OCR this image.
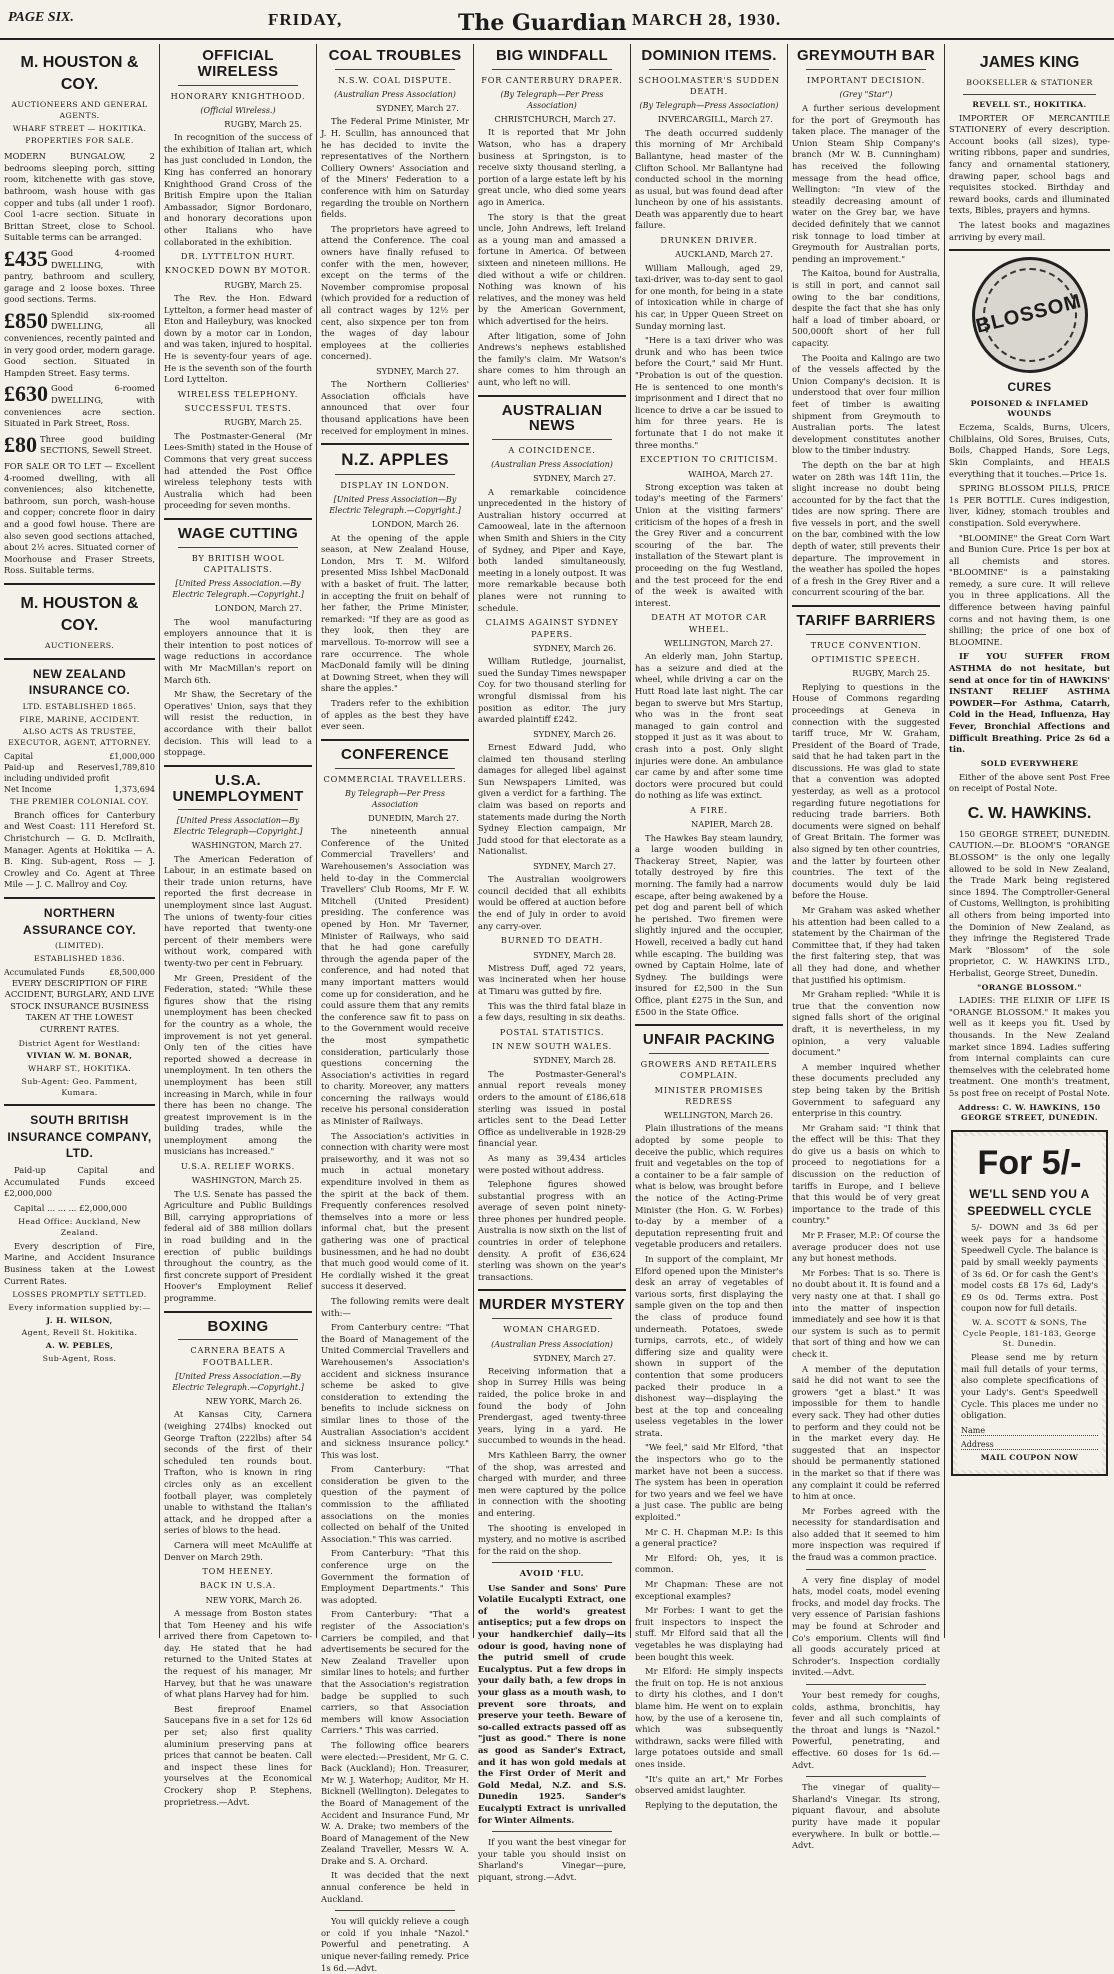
PAGE SIX.	FRIDAY,	The Guardian MARCH 28, 1930.
M. HOUSTON & COY.
AUCTIONEERS AND GENERAL AGENTS.
WHARF STREET — HOKITIKA.
PROPERTIES FOR SALE.

MODERN BUNGALOW, 2 bedrooms sleeping porch, sitting room, kitchenette with gas stove, bathroom, wash house with gas copper and tubs (all under 1 roof). Cool 1-acre section. Situate in Brittan Street, close to School. Suitable terms can be arranged.

£435 Good 4-roomed DWELLING, with pantry, bathroom and scullery, garage and 2 loose boxes. Three good sections. Terms.

£850 Splendid six-roomed DWELLING, all conveniences, recently painted and in very good order, modern garage. Good section. Situated in Hampden Street. Easy terms.

£630 Good 6-roomed DWELLING, with conveniences acre section. Situated in Park Street, Ross.

£80 Three good building SECTIONS, Sewell Street.

FOR SALE OR TO LET — Excellent 4-roomed dwelling, with all conveniences; also kitchenette, bathroom, sun porch, wash-house and copper; concrete floor in dairy and a good fowl house. There are also seven good sections attached, about 2½ acres. Situated corner of Moorhouse and Fraser Streets, Ross. Suitable terms.

M. HOUSTON & COY.
AUCTIONEERS.
NEW ZEALAND INSURANCE CO.
LTD. ESTABLISHED 1865.
FIRE, MARINE, ACCIDENT.
ALSO ACTS AS TRUSTEE, EXECUTOR, AGENT, ATTORNEY.
Capital	£1,000,000
Paid-up and Reserves including undivided profit
1,789,810
Net Income	1,373,694
THE PREMIER COLONIAL COY.

Branch offices for Canterbury and West Coast: 111 Hereford St. Christchurch — G. D. McIlraith, Manager. Agents at Hokitika — A. B. King. Sub-agent, Ross — J. Crowley and Co. Agent at Three Mile — J. C. Mallroy and Coy.

NORTHERN ASSURANCE COY.
(LIMITED).
ESTABLISHED 1836.
Accumulated Funds	£8,500,000

EVERY DESCRIPTION OF FIRE ACCIDENT, BURGLARY, AND LIVE STOCK INSURANCE BUSINESS TAKEN AT THE LOWEST CURRENT RATES.

District Agent for Westland:
VIVIAN W. M. BONAR,
WHARF ST., HOKITIKA.
Sub-Agent: Geo. Pamment, Kumara.
SOUTH BRITISH INSURANCE COMPANY, LTD.

Paid-up Capital and Accumulated Funds exceed £2,000,000

Capital ... ... ... £2,000,000

Head Office: Auckland, New Zealand.

Every description of Fire, Marine, and Accident Insurance Business taken at the Lowest Current Rates.

LOSSES PROMPTLY SETTLED.
Every information supplied by:—
J. H. WILSON,
Agent, Revell St. Hokitika.
A. W. PEBLES,
Sub-Agent, Ross.
OFFICIAL WIRELESS
HONORARY KNIGHTHOOD.
(Official Wireless.)
RUGBY, March 25.

In recognition of the success of the exhibition of Italian art, which has just concluded in London, the King has conferred an honorary Knighthood Grand Cross of the British Empire upon the Italian Ambassador, Signor Bordonaro, and honorary decorations upon other Italians who have collaborated in the exhibition.

DR. LYTTELTON HURT.
KNOCKED DOWN BY MOTOR.
RUGBY, March 25.

The Rev. the Hon. Edward Lyttelton, a former head master of Eton and Haileybury, was knocked down by a motor car in London, and was taken, injured to hospital. He is seventy-four years of age. He is the seventh son of the fourth Lord Lyttelton.

WIRELESS TELEPHONY.
SUCCESSFUL TESTS.
RUGBY, March 25.

The Postmaster-General (Mr Lees-Smith) stated in the House of Commons that very great success had attended the Post Office wireless telephony tests with Australia which had been proceeding for seven months.

WAGE CUTTING
BY BRITISH WOOL CAPITALISTS.
[United Press Association.—By Electric Telegraph.—Copyright.]
LONDON, March 27.

The wool manufacturing employers announce that it is their intention to post notices of wage reductions in accordance with Mr MacMillan's report on March 6th.

Mr Shaw, the Secretary of the Operatives' Union, says that they will resist the reduction, in accordance with their ballot decision. This will lead to a stoppage.

U.S.A. UNEMPLOYMENT
[United Press Association—By Electric Telegraph—Copyright.]
WASHINGTON, March 27.

The American Federation of Labour, in an estimate based on their trade union returns, have reported the first decrease in unemployment since last August. The unions of twenty-four cities have reported that twenty-one percent of their members were without work, compared with twenty-two per cent in February.

Mr Green, President of the Federation, stated: "While these figures show that the rising unemployment has been checked for the country as a whole, the improvement is not yet general. Only ten of the cities have reported showed a decrease in unemployment. In ten others the unemployment has been still increasing in March, while in four there has been no change. The greatest improvement is in the building trades, while the unemployment among the musicians has increased."

U.S.A. RELIEF WORKS.
WASHINGTON, March 25.

The U.S. Senate has passed the Agriculture and Public Buildings Bill, carrying appropriations of federal aid of 388 million dollars in road building and in the erection of public buildings throughout the country, as the first concrete support of President Hoover's Employment Relief programme.

BOXING
CARNERA BEATS A FOOTBALLER.
[United Press Association.—By Electric Telegraph.—Copyright.]
NEW YORK, March 26.

At Kansas City, Carnera (weighing 274lbs) knocked out George Trafton (222lbs) after 54 seconds of the first of their scheduled ten rounds bout. Trafton, who is known in ring circles only as an excellent football player, was completely unable to withstand the Italian's attack, and he dropped after a series of blows to the head.

Carnera will meet McAuliffe at Denver on March 29th.

TOM HEENEY.
BACK IN U.S.A.
NEW YORK, March 26.

A message from Boston states that Tom Heeney and his wife arrived there from Capetown to-day. He stated that he had returned to the United States at the request of his manager, Mr Harvey, but that he was unaware of what plans Harvey had for him.

Best fireproof Enamel Saucepans five in a set for 12s 6d per set; also first quality aluminium preserving pans at prices that cannot be beaten. Call and inspect these lines for yourselves at the Economical Crockery shop P. Stephens, proprietress.—Advt.

COAL TROUBLES
N.S.W. COAL DISPUTE.
(Australian Press Association)
SYDNEY, March 27.

The Federal Prime Minister, Mr J. H. Scullin, has announced that he has decided to invite the representatives of the Northern Colliery Owners' Association and of the Miners' Federation to a conference with him on Saturday regarding the trouble on Northern fields.

The proprietors have agreed to attend the Conference. The coal owners have finally refused to confer with the men, however, except on the terms of the November compromise proposal (which provided for a reduction of all contract wages by 12½ per cent, also sixpence per ton from the wages of day labour employees at the collieries concerned).

SYDNEY, March 27.

The Northern Collieries' Association officials have announced that over four thousand applications have been received for employment in mines.

N.Z. APPLES
DISPLAY IN LONDON.
[United Press Association—By Electric Telegraph.—Copyright.]
LONDON, March 26.

At the opening of the apple season, at New Zealand House, London, Mrs T. M. Wilford presented Miss Ishbel MacDonald with a basket of fruit. The latter, in accepting the fruit on behalf of her father, the Prime Minister, remarked: "If they are as good as they look, then they are marvellous. To-morrow will see a rare occurrence. The whole MacDonald family will be dining at Downing Street, when they will share the apples."

Traders refer to the exhibition of apples as the best they have ever seen.

CONFERENCE
COMMERCIAL TRAVELLERS.
By Telegraph—Per Press Association
DUNEDIN, March 27.

The nineteenth annual Conference of the United Commercial Travellers' and Warehousemen's Association was held to-day in the Commercial Travellers' Club Rooms, Mr F. W. Mitchell (United President) presiding. The conference was opened by Hon. Mr Taverner, Minister of Railways, who said that he had gone carefully through the agenda paper of the conference, and had noted that many important matters would come up for consideration, and he could assure them that any remits the conference saw fit to pass on to the Government would receive the most sympathetic consideration, particularly those questions concerning the Association's activities in regard to charity. Moreover, any matters concerning the railways would receive his personal consideration as Minister of Railways.

The Association's activities in connection with charity were most praiseworthy, and it was not so much in actual monetary expenditure involved in them as the spirit at the back of them. Frequently conferences resolved themselves into a more or less informal chat, but the present gathering was one of practical businessmen, and he had no doubt that much good would come of it. He cordially wished it the great success it deserved.

The following remits were dealt with:—

From Canterbury centre: "That the Board of Management of the United Commercial Travellers and Warehousemen's Association's accident and sickness insurance scheme be asked to give consideration to extending the benefits to include sickness on similar lines to those of the Australian Association's accident and sickness insurance policy." This was lost.

From Canterbury: "That consideration be given to the question of the payment of commission to the affiliated associations on the monies collected on behalf of the United Association." This was carried.

From Canterbury: "That this conference urge on the Government the formation of Employment Departments." This was adopted.

From Canterbury: "That a register of the Association's Carriers be compiled, and that advertisements be secured for the New Zealand Traveller upon similar lines to hotels; and further that the Association's registration badge be supplied to such carriers, so that Association members will know Association Carriers." This was carried.

The following office bearers were elected:—President, Mr G. C. Back (Auckland); Hon. Treasurer, Mr W. J. Waterhop; Auditor, Mr H. Bicknell (Wellington). Delegates to the Board of Management of the Accident and Insurance Fund, Mr W. A. Drake; two members of the Board of Management of the New Zealand Traveller, Messrs W. A. Drake and S. A. Orchard.

It was decided that the next annual conference be held in Auckland.

You will quickly relieve a cough or cold if you inhale "Nazol." Powerful and penetrating. A unique never-failing remedy. Price 1s 6d.—Advt.

BIG WINDFALL
FOR CANTERBURY DRAPER.
(By Telegraph—Per Press Association)
CHRISTCHURCH, March 27.

It is reported that Mr John Watson, who has a drapery business at Springston, is to receive sixty thousand sterling, a portion of a large estate left by his great uncle, who died some years ago in America.

The story is that the great uncle, John Andrews, left Ireland as a young man and amassed a fortune in America. Of between sixteen and nineteen millions. He died without a wife or children. Nothing was known of his relatives, and the money was held by the American Government, which advertised for the heirs.

After litigation, some of John Andrews's nephews established the family's claim. Mr Watson's share comes to him through an aunt, who left no will.

AUSTRALIAN NEWS
A COINCIDENCE.
(Australian Press Association)
SYDNEY, March 27.

A remarkable coincidence unprecedented in the history of Australian history occurred at Camooweal, late in the afternoon when Smith and Shiers in the City of Sydney, and Piper and Kaye, both landed simultaneously, meeting in a lonely outpost. It was more remarkable because both planes were not running to schedule.

CLAIMS AGAINST SYDNEY PAPERS.
SYDNEY, March 26.

William Rutledge, journalist, sued the Sunday Times newspaper Coy. for two thousand sterling for wrongful dismissal from his position as editor. The jury awarded plaintiff £242.

SYDNEY, March 26.

Ernest Edward Judd, who claimed ten thousand sterling damages for alleged libel against Sun Newspapers Limited, was given a verdict for a farthing. The claim was based on reports and statements made during the North Sydney Election campaign, Mr Judd stood for that electorate as a Nationalist.

SYDNEY, March 27.

The Australian woolgrowers council decided that all exhibits would be offered at auction before the end of July in order to avoid any carry-over.

BURNED TO DEATH.
SYDNEY, March 28.

Mistress Duff, aged 72 years, was incinerated when her house at Timaru was gutted by fire.

This was the third fatal blaze in a few days, resulting in six deaths.

POSTAL STATISTICS.
IN NEW SOUTH WALES.
SYDNEY, March 28.

The Postmaster-General's annual report reveals money orders to the amount of £186,618 sterling was issued in postal articles sent to the Dead Letter Office as undeliverable in 1928-29 financial year.

As many as 39,434 articles were posted without address.

Telephone figures showed substantial progress with an average of seven point ninety-three phones per hundred people. Australia is now sixth on the list of countries in order of telephone density. A profit of £36,624 sterling was shown on the year's transactions.

MURDER MYSTERY
WOMAN CHARGED.
(Australian Press Association)
SYDNEY, March 27.

Receiving information that a shop in Surrey Hills was being raided, the police broke in and found the body of John Prendergast, aged twenty-three years, lying in a yard. He succumbed to wounds in the head.

Mrs Kathleen Barry, the owner of the shop, was arrested and charged with murder, and three men were captured by the police in connection with the shooting and entering.

The shooting is enveloped in mystery, and no motive is ascribed for the raid on the shop.

AVOID 'FLU.

Use Sander and Sons' Pure Volatile Eucalypti Extract, one of the world's greatest antiseptics; put a few drops on your handkerchief daily—its odour is good, having none of the putrid smell of crude Eucalyptus. Put a few drops in your daily bath, a few drops in your glass as a mouth wash, to prevent sore throats, and preserve your teeth. Beware of so-called extracts passed off as "just as good." There is none as good as Sander's Extract, and it has won gold medals at the First Order of Merit and Gold Medal, N.Z. and S.S. Dunedin 1925. Sander's Eucalypti Extract is unrivalled for Winter Ailments.

If you want the best vinegar for your table you should insist on Sharland's Vinegar—pure, piquant, strong.—Advt.

DOMINION ITEMS.
SCHOOLMASTER'S SUDDEN DEATH.
(By Telegraph—Press Association)
INVERCARGILL, March 27.

The death occurred suddenly this morning of Mr Archibald Ballantyne, head master of the Clifton School. Mr Ballantyne had conducted school in the morning as usual, but was found dead after luncheon by one of his assistants. Death was apparently due to heart failure.

DRUNKEN DRIVER.
AUCKLAND, March 27.

William Mallough, aged 29, taxi-driver, was to-day sent to gaol for one month, for being in a state of intoxication while in charge of his car, in Upper Queen Street on Sunday morning last.

"Here is a taxi driver who was drunk and who has been twice before the Court," said Mr Hunt. "Probation is out of the question. He is sentenced to one month's imprisonment and I direct that no licence to drive a car be issued to him for three years. He is fortunate that I do not make it three months."

EXCEPTION TO CRITICISM.
WAIHOA, March 27.

Strong exception was taken at today's meeting of the Farmers' Union at the visiting farmers' criticism of the hopes of a fresh in the Grey River and a concurrent scouring of the bar. The installation of the Stewart plant is proceeding on the fug Westland, and the test proceed for the end of the week is awaited with interest.

DEATH AT MOTOR CAR WHEEL.
WELLINGTON, March 27.

An elderly man, John Startup, has a seizure and died at the wheel, while driving a car on the Hutt Road late last night. The car began to swerve but Mrs Startup, who was in the front seat managed to gain control and stopped it just as it was about to crash into a post. Only slight injuries were done. An ambulance car came by and after some time doctors were procured but could do nothing as life was extinct.

A FIRE.
NAPIER, March 28.

The Hawkes Bay steam laundry, a large wooden building in Thackeray Street, Napier, was totally destroyed by fire this morning. The family had a narrow escape, after being awakened by a pet dog and parent bell of which he perished. Two firemen were slightly injured and the occupier, Howell, received a badly cut hand while escaping. The building was owned by Captain Holme, late of Sydney. The buildings were insured for £2,500 in the Sun Office, plant £275 in the Sun, and £500 in the State Office.

UNFAIR PACKING
GROWERS AND RETAILERS COMPLAIN.
MINISTER PROMISES REDRESS
WELLINGTON, March 26.

Plain illustrations of the means adopted by some people to deceive the public, which requires fruit and vegetables on the top of a container to be a fair sample of what is below, was brought before the notice of the Acting-Prime Minister (the Hon. G. W. Forbes) to-day by a member of a deputation representing fruit and vegetable producers and retailers.

In support of the complaint, Mr Elford opened upon the Minister's desk an array of vegetables of various sorts, first displaying the sample given on the top and then the class of produce found underneath. Potatoes, swede turnips, carrots, etc., of widely differing size and quality were shown in support of the contention that some producers packed their produce in a dishonest way—displaying the best at the top and concealing useless vegetables in the lower strata.

"We feel," said Mr Elford, "that the inspectors who go to the market have not been a success. The system has been in operation for two years and we feel we have a just case. The public are being exploited."

Mr C. H. Chapman M.P.: Is this a general practice?

Mr Elford: Oh, yes, it is common.

Mr Chapman: These are not exceptional examples?

Mr Forbes: I want to get the fruit inspectors to inspect the stuff. Mr Elford said that all the vegetables he was displaying had been bought this week.

Mr Elford: He simply inspects the fruit on top. He is not anxious to dirty his clothes, and I don't blame him. He went on to explain how, by the use of a kerosene tin, which was subsequently withdrawn, sacks were filled with large potatoes outside and small ones inside.

"It's quite an art," Mr Forbes observed amidst laughter.

Replying to the deputation, the

GREYMOUTH BAR
IMPORTANT DECISION.
(Grey "Star")

A further serious development for the port of Greymouth has taken place. The manager of the Union Steam Ship Company's branch (Mr W. B. Cunningham) has received the following message from the head office, Wellington: "In view of the steadily decreasing amount of water on the Grey bar, we have decided definitely that we cannot risk tonnage to load timber at Greymouth for Australian ports, pending an improvement."

The Kaitoa, bound for Australia, is still in port, and cannot sail owing to the bar conditions, despite the fact that she has only half a load of timber aboard, or 500,000ft short of her full capacity.

The Pooita and Kalingo are two of the vessels affected by the Union Company's decision. It is understood that over four million feet of timber is awaiting shipment from Greymouth to Australian ports. The latest development constitutes another blow to the timber industry.

The depth on the bar at high water on 28th was 14ft 11in, the slight increase no doubt being accounted for by the fact that the tides are now spring. There are five vessels in port, and the swell on the bar, combined with the low depth of water, still prevents their departure. The improvement in the weather has spoiled the hopes of a fresh in the Grey River and a concurrent scouring of the bar.

TARIFF BARRIERS
TRUCE CONVENTION.
OPTIMISTIC SPEECH.
RUGBY, March 25.

Replying to questions in the House of Commons regarding proceedings at Geneva in connection with the suggested tariff truce, Mr W. Graham, President of the Board of Trade, said that he had taken part in the discussions. He was glad to state that a convention was adopted yesterday, as well as a protocol regarding future negotiations for reducing trade barriers. Both documents were signed on behalf of Great Britain. The former was also signed by ten other countries, and the latter by fourteen other countries. The text of the documents would duly be laid before the House.

Mr Graham was asked whether his attention had been called to a statement by the Chairman of the Committee that, if they had taken the first faltering step, that was all they had done, and whether that justified his optimism.

Mr Graham replied: "While it is true that the convention now signed falls short of the original draft, it is nevertheless, in my opinion, a very valuable document."

A member inquired whether these documents precluded any step being taken by the British Government to safeguard any enterprise in this country.

Mr Graham said: "I think that the effect will be this: That they do give us a basis on which to proceed to negotiations for a discussion on the reduction of tariffs in Europe, and I believe that this would be of very great importance to the trade of this country."

Mr P. Fraser, M.P.: Of course the average producer does not use any but honest methods.

Mr Forbes: That is so. There is no doubt about it. It is found and a very nasty one at that. I shall go into the matter of inspection immediately and see how it is that our system is such as to permit that sort of thing and how we can check it.

A member of the deputation said he did not want to see the growers "get a blast." It was impossible for them to handle every sack. They had other duties to perform and they could not be in the market every day. He suggested that an inspector should be permanently stationed in the market so that if there was any complaint it could be referred to him at once.

Mr Forbes agreed with the necessity for standardisation and also added that it seemed to him more inspection was required if the fraud was a common practice.

A very fine display of model hats, model coats, model evening frocks, and model day frocks. The very essence of Parisian fashions may be found at Schroder and Co's emporium. Clients will find all goods accurately priced at Schroder's. Inspection cordially invited.—Advt.

Your best remedy for coughs, colds, asthma, bronchitis, hay fever and all such complaints of the throat and lungs is "Nazol." Powerful, penetrating, and effective. 60 doses for 1s 6d.—Advt.

The vinegar of quality—Sharland's Vinegar. Its strong, piquant flavour, and absolute purity have made it popular everywhere. In bulk or bottle.—Advt.

JAMES KING
BOOKSELLER & STATIONER
REVELL ST., HOKITIKA.

IMPORTER OF MERCANTILE STATIONERY of every description. Account books (all sizes), type-writing ribbons, paper and sundries, fancy and ornamental stationery, drawing paper, school bags and requisites stocked. Birthday and reward books, cards and illuminated texts, Bibles, prayers and hymns.

The latest books and magazines arriving by every mail.

BLOSSOM
CURES
POISONED & INFLAMED WOUNDS

Eczema, Scalds, Burns, Ulcers, Chilblains, Old Sores, Bruises, Cuts, Boils, Chapped Hands, Sore Legs, Skin Complaints, and HEALS everything that it touches.—Price 1s.

SPRING BLOSSOM PILLS, PRICE 1s PER BOTTLE. Cures indigestion, liver, kidney, stomach troubles and constipation. Sold everywhere.

"BLOOMINE" the Great Corn Wart and Bunion Cure. Price 1s per box at all chemists and stores. "BLOOMINE" is a painstaking remedy, a sure cure. It will relieve you in three applications. All the difference between having painful corns and not having them, is one shilling; the price of one box of BLOOMINE.

IF YOU SUFFER FROM ASTHMA do not hesitate, but send at once for tin of HAWKINS' INSTANT RELIEF ASTHMA POWDER—For Asthma, Catarrh, Cold in the Head, Influenza, Hay Fever, Bronchial Affections and Difficult Breathing. Price 2s 6d a tin.

SOLD EVERYWHERE

Either of the above sent Post Free on receipt of Postal Note.

C. W. HAWKINS.

150 GEORGE STREET, DUNEDIN. CAUTION.—Dr. BLOOM'S "ORANGE BLOSSOM" is the only one legally allowed to be sold in New Zealand, the Trade Mark being registered since 1894. The Comptroller-General of Customs, Wellington, is prohibiting all others from being imported into the Dominion of New Zealand, as they infringe the Registered Trade Mark "Blossom" of the sole proprietor, C. W. HAWKINS LTD., Herbalist, George Street, Dunedin.

"ORANGE BLOSSOM."

LADIES: THE ELIXIR OF LIFE IS "ORANGE BLOSSOM." It makes you well as it keeps you fit. Used by thousands. In the New Zealand market since 1894. Ladies suffering from internal complaints can cure themselves with the celebrated home treatment. One month's treatment, 5s post free on receipt of Postal Note.

Address: C. W. HAWKINS, 150 GEORGE STREET, DUNEDIN.
For 5/-
WE'LL SEND YOU A SPEEDWELL CYCLE

5/- DOWN and 3s 6d per week pays for a handsome Speedwell Cycle. The balance is paid by small weekly payments of 3s 6d. Or for cash the Gent's model costs £8 17s 6d, Lady's £9 0s 0d. Terms extra. Post coupon now for full details.

W. A. SCOTT & SONS, The Cycle People, 181-183, George St. Dunedin.

Please send me by return mail full details of your terms, also complete specifications of your Lady's. Gent's Speedwell Cycle. This places me under no obligation.

Name
Address
MAIL COUPON NOW
